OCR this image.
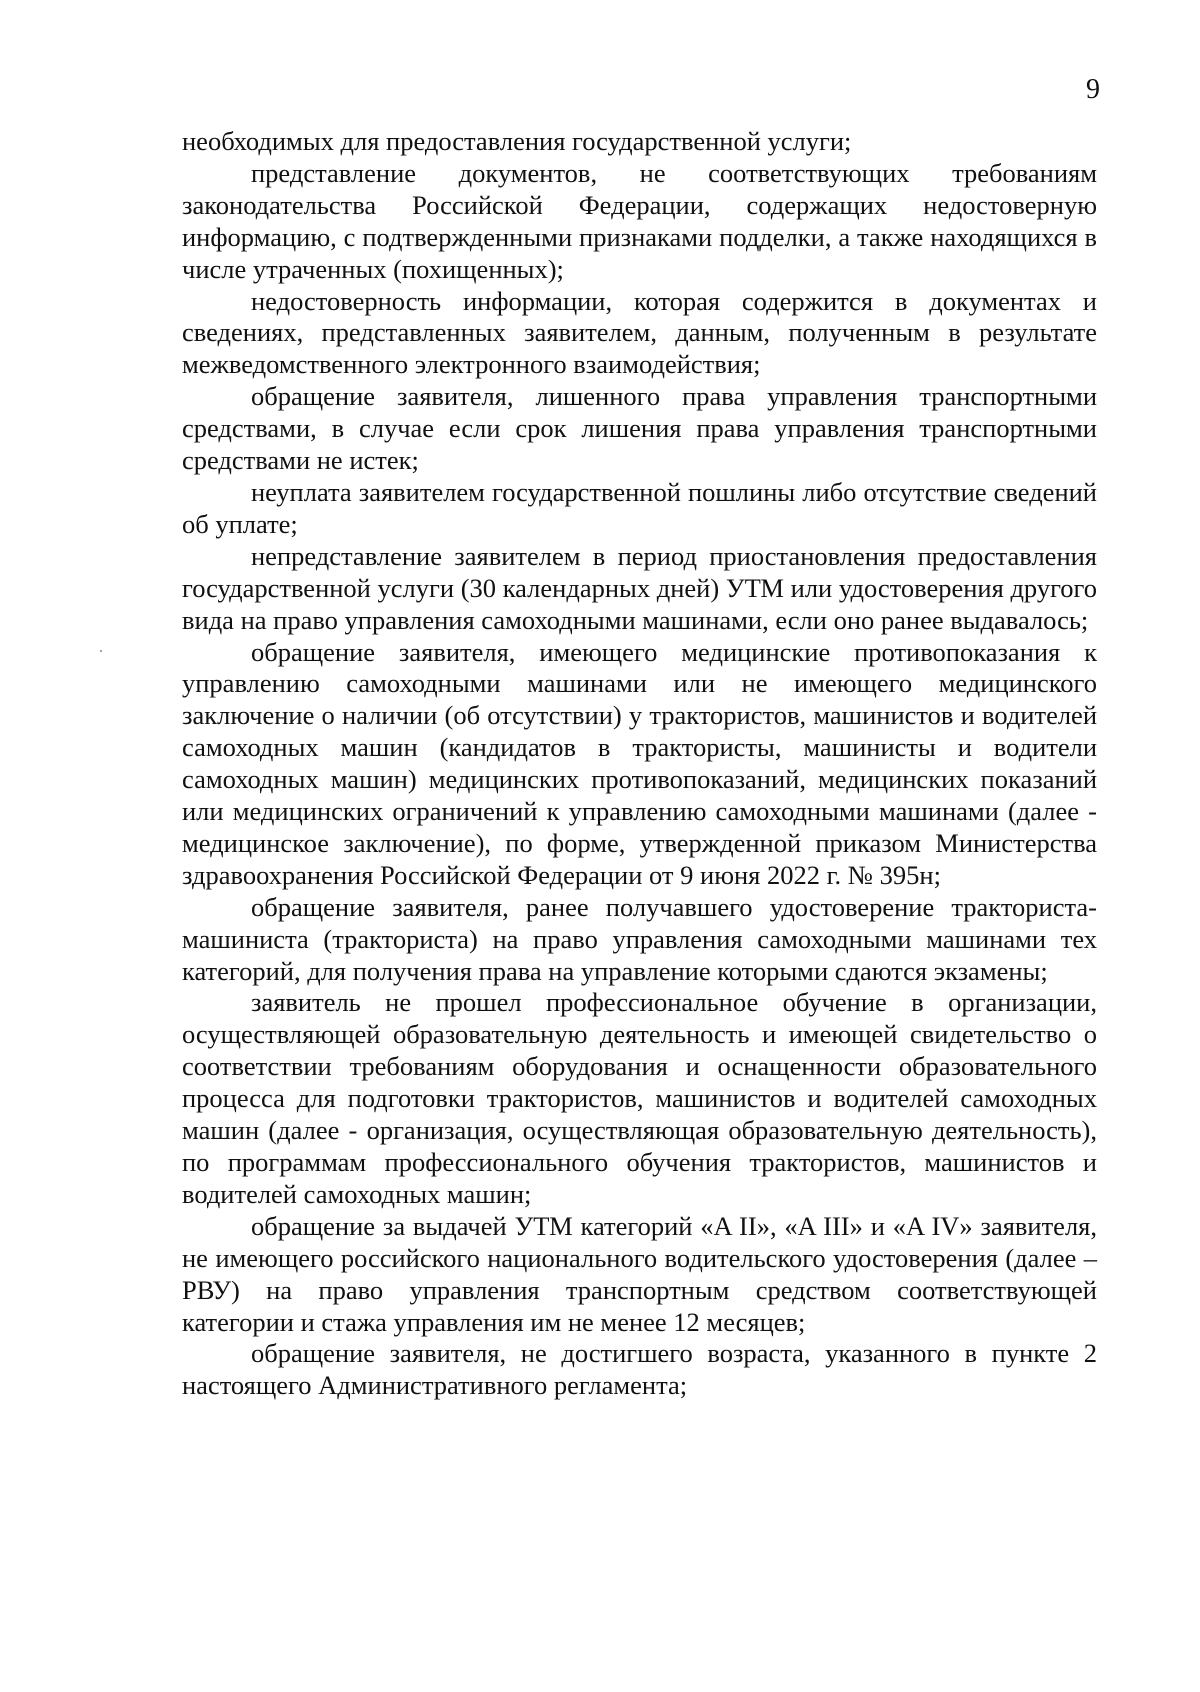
9

необходимых для предоставления государственной услуги;

представление документов, не соответствующих требованиям законодательства Российской Федерации, содержащих недостоверную информацию, с подтвержденными признаками подделки, а также находящихся в числе утраченных (похищенных);

недостоверность информации, которая содержится в документах и сведениях, представленных заявителем, данным, полученным в результате межведомственного электронного взаимодействия;

обращение заявителя, лишенного права управления транспортными средствами, в случае если срок лишения права управления транспортными средствами не истек;

неуплата заявителем государственной пошлины либо отсутствие сведений об уплате;

непредставление заявителем в период приостановления предоставления государственной услуги (30 календарных дней) УТМ или удостоверения другого вида на право управления самоходными машинами, если оно ранее выдавалось;

обращение заявителя, имеющего медицинские противопоказания к управлению самоходными машинами или не имеющего медицинского заключение о наличии (об отсутствии) у трактористов, машинистов и водителей самоходных машин (кандидатов в трактористы, машинисты и водители самоходных машин) медицинских противопоказаний, медицинских показаний или медицинских ограничений к управлению самоходными машинами (далее - медицинское заключение), по форме, утвержденной приказом Министерства здравоохранения Российской Федерации от 9 июня 2022 г. № 395н;

обращение заявителя, ранее получавшего удостоверение тракториста-машиниста (тракториста) на право управления самоходными машинами тех категорий, для получения права на управление которыми сдаются экзамены;

заявитель не прошел профессиональное обучение в организации, осуществляющей образовательную деятельность и имеющей свидетельство о соответствии требованиям оборудования и оснащенности образовательного процесса для подготовки трактористов, машинистов и водителей самоходных машин (далее - организация, осуществляющая образовательную деятельность), по программам профессионального обучения трактористов, машинистов и водителей самоходных машин;

обращение за выдачей УТМ категорий «A II», «A III» и «A IV» заявителя, не имеющего российского национального водительского удостоверения (далее – РВУ) на право управления транспортным средством соответствующей категории и стажа управления им не менее 12 месяцев;

обращение заявителя, не достигшего возраста, указанного в пункте 2 настоящего Административного регламента;
